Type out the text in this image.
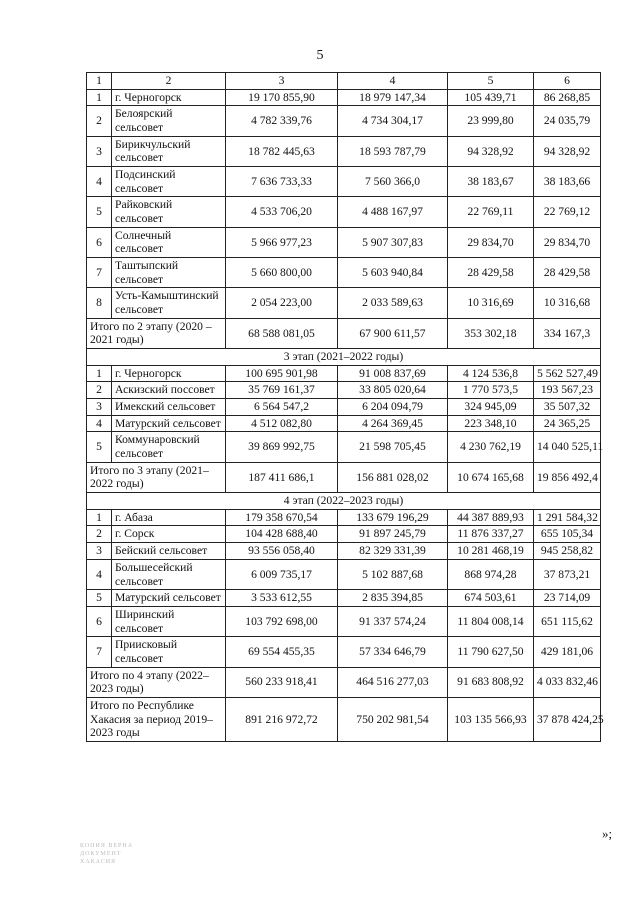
5
1	2	3	4	5	6
1	г. Черногорск	19 170 855,90	18 979 147,34	105 439,71	86 268,85
2	Белоярский сельсовет	4 782 339,76	4 734 304,17	23 999,80	24 035,79
3	Бирикчульский сельсовет	18 782 445,63	18 593 787,79	94 328,92	94 328,92
4	Подсинский сельсовет	7 636 733,33	7 560 366,0	38 183,67	38 183,66
5	Райковский сельсовет	4 533 706,20	4 488 167,97	22 769,11	22 769,12
6	Солнечный сельсовет	5 966 977,23	5 907 307,83	29 834,70	29 834,70
7	Таштыпский сельсовет	5 660 800,00	5 603 940,84	28 429,58	28 429,58
8	Усть-Камыштинский сельсовет	2 054 223,00	2 033 589,63	10 316,69	10 316,68
Итого по 2 этапу (2020 – 2021 годы)		68 588 081,05	67 900 611,57	353 302,18	334 167,3
3 этап (2021–2022 годы)					
1	г. Черногорск	100 695 901,98	91 008 837,69	4 124 536,8	5 562 527,49
2	Аскизский поссовет	35 769 161,37	33 805 020,64	1 770 573,5	193 567,23
3	Имекский сельсовет	6 564 547,2	6 204 094,79	324 945,09	35 507,32
4	Матурский сельсовет	4 512 082,80	4 264 369,45	223 348,10	24 365,25
5	Коммунаровский сельсовет	39 869 992,75	21 598 705,45	4 230 762,19	14 040 525,11
Итого по 3 этапу (2021– 2022 годы)		187 411 686,1	156 881 028,02	10 674 165,68	19 856 492,4
4 этап (2022–2023 годы)					
1	г. Абаза	179 358 670,54	133 679 196,29	44 387 889,93	1 291 584,32
2	г. Сорск	104 428 688,40	91 897 245,79	11 876 337,27	655 105,34
3	Бейский сельсовет	93 556 058,40	82 329 331,39	10 281 468,19	945 258,82
4	Большесейский сельсовет	6 009 735,17	5 102 887,68	868 974,28	37 873,21
5	Матурский сельсовет	3 533 612,55	2 835 394,85	674 503,61	23 714,09
6	Ширинский сельсовет	103 792 698,00	91 337 574,24	11 804 008,14	651 115,62
7	Приисковый сельсовет	69 554 455,35	57 334 646,79	11 790 627,50	429 181,06
Итого по 4 этапу (2022–2023 годы)		560 233 918,41	464 516 277,03	91 683 808,92	4 033 832,46
Итого по Республике Хакасия за период 2019–2023 годы		891 216 972,72	750 202 981,54	103 135 566,93	37 878 424,25
»;
КОПИЯ ВЕРНА
ДОКУМЕНТ
ХАКАСИЯ
